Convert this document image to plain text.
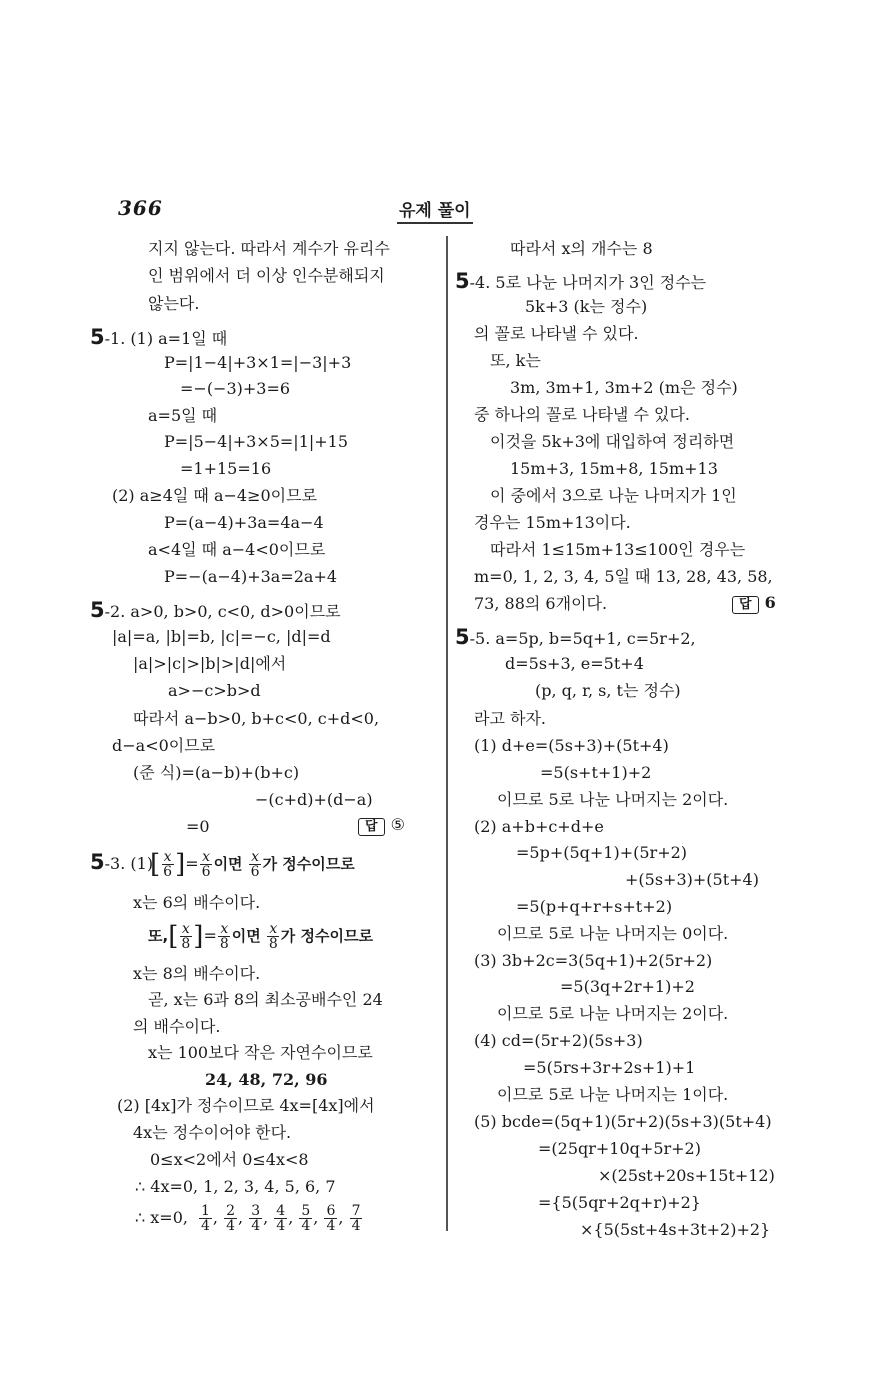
366	유제 풀이
지지 않는다. 따라서 계수가 유리수
인 범위에서 더 이상 인수분해되지
않는다.
5-1. (1) a=1일 때
P=|1−4|+3×1=|−3|+3
=−(−3)+3=6
a=5일 때
P=|5−4|+3×5=|1|+15
=1+15=16
(2) a≥4일 때 a−4≥0이므로
P=(a−4)+3a=4a−4
a<4일 때 a−4<0이므로
P=−(a−4)+3a=2a+4
5-2. a>0, b>0, c<0, d>0이므로
|a|=a, |b|=b, |c|=−c, |d|=d
|a|>|c|>|b|>|d|에서
a>−c>b>d
따라서 a−b>0, b+c<0, c+d<0,
d−a<0이므로
(준 식)=(a−b)+(b+c)
−(c+d)+(d−a)
=0
5-3. (1)
x는 6의 배수이다.
x는 8의 배수이다.
곧, x는 6과 8의 최소공배수인 24
의 배수이다.
x는 100보다 작은 자연수이므로
24, 48, 72, 96
(2) [4x]가 정수이므로 4x=[4x]에서
4x는 정수이어야 한다.
0≤x<2에서 0≤4x<8
∴ 4x=0, 1, 2, 3, 4, 5, 6, 7
∴ x=0,
따라서 x의 개수는 8
5-4. 5로 나눈 나머지가 3인 정수는
5k+3 (k는 정수)
의 꼴로 나타낼 수 있다.
또, k는
3m, 3m+1, 3m+2 (m은 정수)
중 하나의 꼴로 나타낼 수 있다.
이것을 5k+3에 대입하여 정리하면
15m+3, 15m+8, 15m+13
이 중에서 3으로 나눈 나머지가 1인
경우는 15m+13이다.
따라서 1≤15m+13≤100인 경우는
m=0, 1, 2, 3, 4, 5일 때 13, 28, 43, 58,
73, 88의 6개이다.
5-5. a=5p, b=5q+1, c=5r+2,
d=5s+3, e=5t+4
(p, q, r, s, t는 정수)
라고 하자.
(1) d+e=(5s+3)+(5t+4)
=5(s+t+1)+2
이므로 5로 나눈 나머지는 2이다.
(2) a+b+c+d+e
=5p+(5q+1)+(5r+2)
+(5s+3)+(5t+4)
=5(p+q+r+s+t+2)
이므로 5로 나눈 나머지는 0이다.
(3) 3b+2c=3(5q+1)+2(5r+2)
=5(3q+2r+1)+2
이므로 5로 나눈 나머지는 2이다.
(4) cd=(5r+2)(5s+3)
=5(5rs+3r+2s+1)+1
이므로 5로 나눈 나머지는 1이다.
(5) bcde=(5q+1)(5r+2)(5s+3)(5t+4)
=(25qr+10q+5r+2)
×(25st+20s+15t+12)
={5(5qr+2q+r)+2}
×{5(5st+4s+3t+2)+2}
[ $\frac{x}{6}$ ]= $\frac{x}{6}$ 이면 $\frac{x}{6}$ 가 정수이므로
또,[ $\frac{x}{8}$ ]= $\frac{x}{8}$ 이면 $\frac{x}{8}$ 가 정수이므로
$\frac{1}{4}$ , $\frac{2}{4}$ , $\frac{3}{4}$ , $\frac{4}{4}$ , $\frac{5}{4}$ , $\frac{6}{4}$ , $\frac{7}{4}$
답 ⑤
답 6
